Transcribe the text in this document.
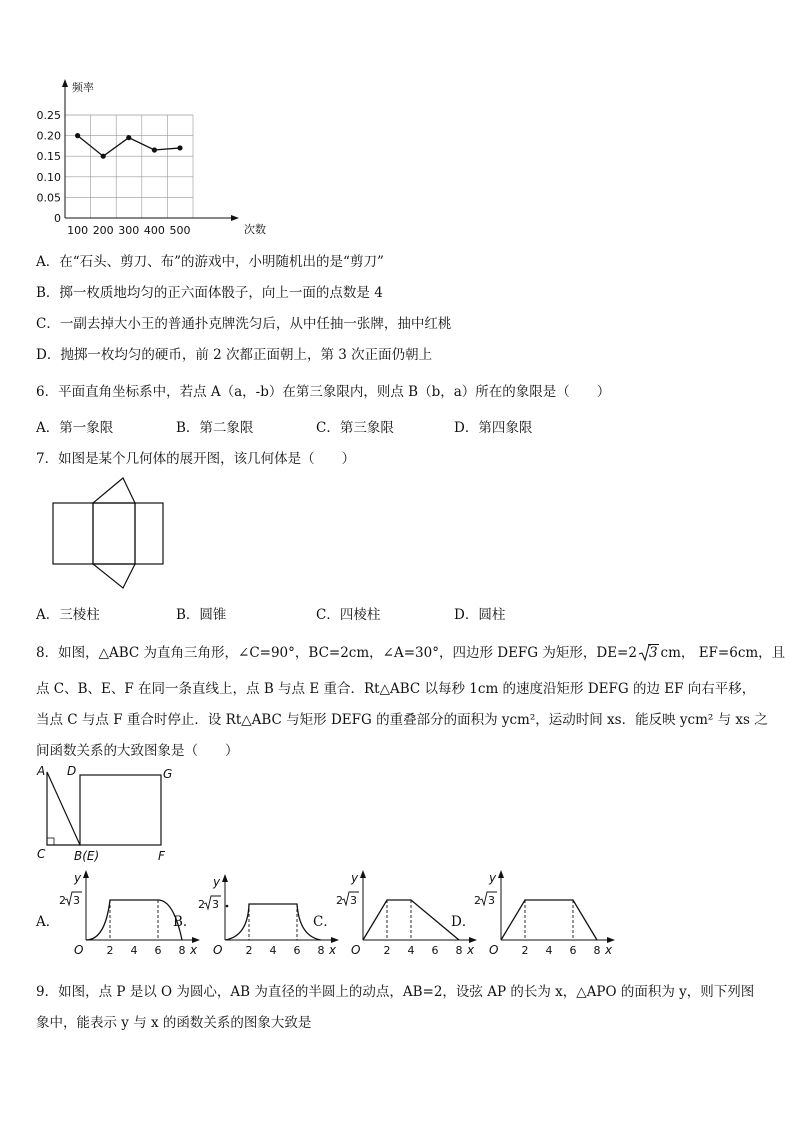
频率
次数
0.25
0.20
0.15
0.10
0.05
0
100 200 300 400 500
A．在“石头、剪刀、布”的游戏中，小明随机出的是“剪刀”
B．掷一枚质地均匀的正六面体骰子，向上一面的点数是 4
C．一副去掉大小王的普通扑克牌洗匀后，从中任抽一张牌，抽中红桃
D．抛掷一枚均匀的硬币，前 2 次都正面朝上，第 3 次正面仍朝上
6．平面直角坐标系中，若点 A（a，-b）在第三象限内，则点 B（b，a）所在的象限是（　　）
A．第一象限	B．第二象限	C．第三象限	D．第四象限
7．如图是某个几何体的展开图，该几何体是（　　）
A．三棱柱	B．圆锥	C．四棱柱	D．圆柱
8．如图，△ABC 为直角三角形，∠C=90°，BC=2cm，∠A=30°，四边形 DEFG 为矩形，DE=2 3 cm， EF=6cm，且
点 C、B、E、F 在同一条直线上，点 B 与点 E 重合．Rt△ABC 以每秒 1cm 的速度沿矩形 DEFG 的边 EF 向右平移，
当点 C 与点 F 重合时停止．设 Rt△ABC 与矩形 DEFG 的重叠部分的面积为 ycm²，运动时间 xs．能反映 ycm² 与 xs 之
间函数关系的大致图象是（　　）
A D	G
C B(E)	F
A．	B．	C．	D．
y
x
O
2 3
2 4 6 8
y
x
O
2 3
2 4 6 8
y
x
O
2 3
2 4 6 8
y
x
O
2 3
2 4 6 8
9．如图，点 P 是以 O 为圆心，AB 为直径的半圆上的动点，AB=2，设弦 AP 的长为 x，△APO 的面积为 y，则下列图
象中，能表示 y 与 x 的函数关系的图象大致是
